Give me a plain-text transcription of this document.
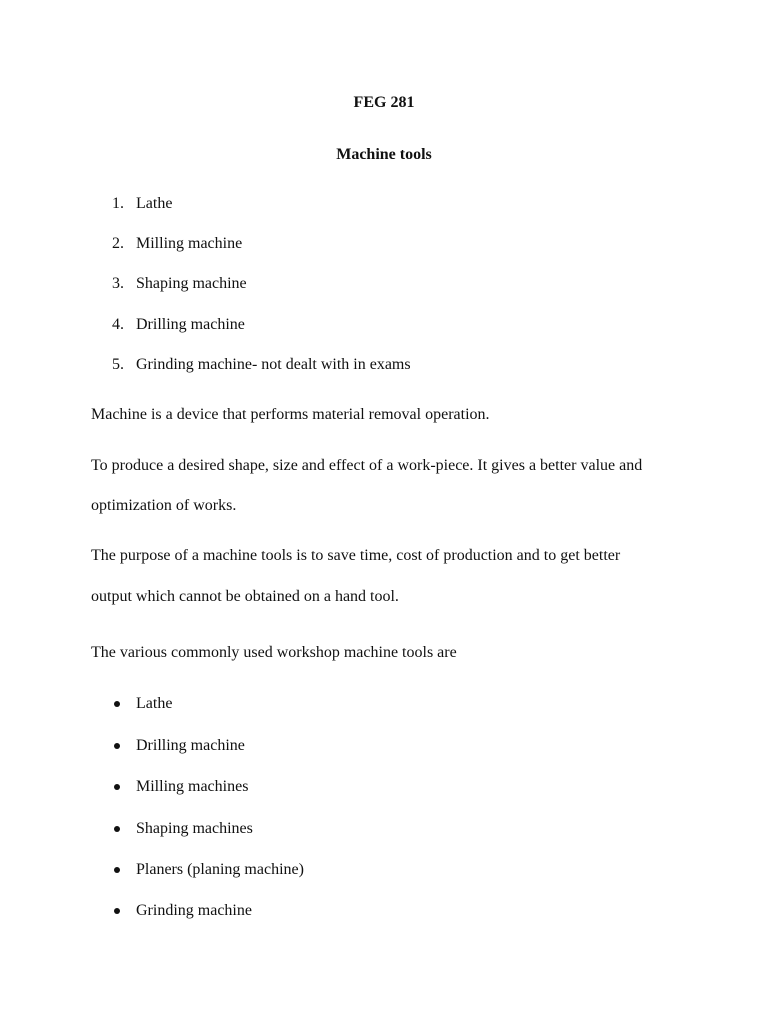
FEG 281

Machine tools

1. Lathe
2. Milling machine
3. Shaping machine
4. Drilling machine
5. Grinding machine- not dealt with in exams

Machine is a device that performs material removal operation.

To produce a desired shape, size and effect of a work-piece. It gives a better value and

optimization of works.

The purpose of a machine tools is to save time, cost of production and to get better

output which cannot be obtained on a hand tool.

The various commonly used workshop machine tools are

Lathe
Drilling machine
Milling machines
Shaping machines
Planers (planing machine)
Grinding machine
